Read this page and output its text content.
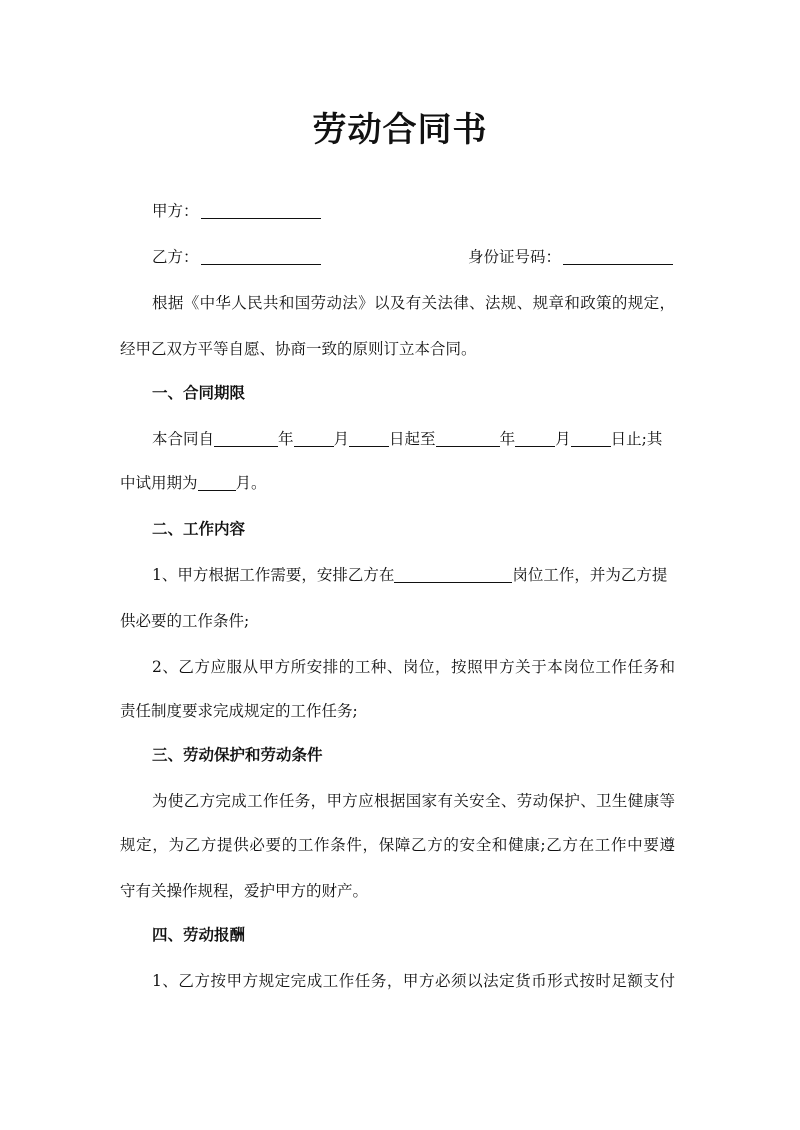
劳动合同书
甲方：
乙方：	身份证号码：
根据《中华人民共和国劳动法》以及有关法律、法规、规章和政策的规定，
经甲乙双方平等自愿、协商一致的原则订立本合同。
一、合同期限
本合同自	年	月	日起至	年	月	日止;其
中试用期为 月。
二、工作内容
1、甲方根据工作需要，安排乙方在	岗位工作，并为乙方提
供必要的工作条件;
2、乙方应服从甲方所安排的工种、岗位，按照甲方关于本岗位工作任务和
责任制度要求完成规定的工作任务;
三、劳动保护和劳动条件
为使乙方完成工作任务，甲方应根据国家有关安全、劳动保护、卫生健康等
规定，为乙方提供必要的工作条件，保障乙方的安全和健康;乙方在工作中要遵
守有关操作规程，爱护甲方的财产。
四、劳动报酬
1、乙方按甲方规定完成工作任务，甲方必须以法定货币形式按时足额支付
